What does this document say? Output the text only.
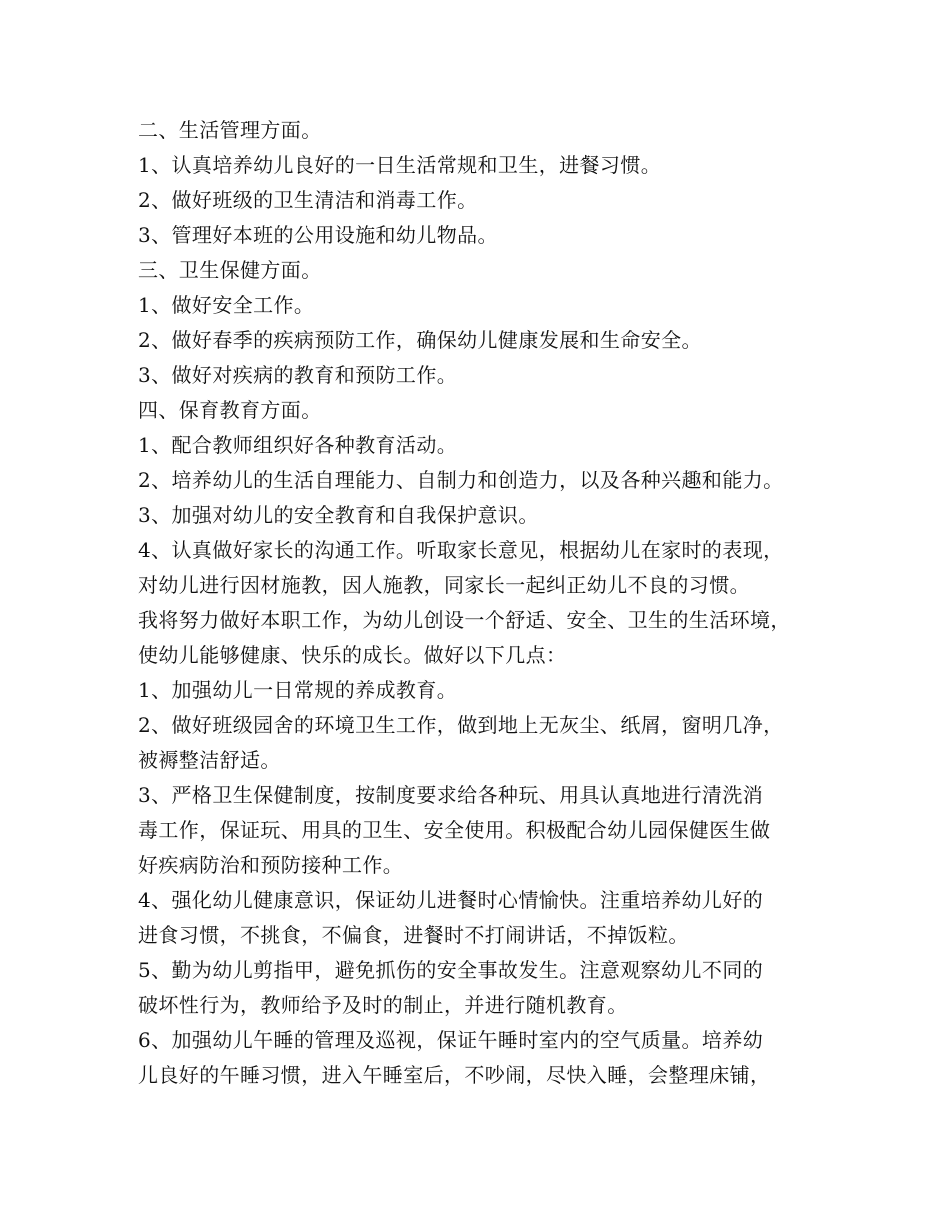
二、生活管理方面。
1、认真培养幼儿良好的一日生活常规和卫生，进餐习惯。
2、做好班级的卫生清洁和消毒工作。
3、管理好本班的公用设施和幼儿物品。
三、卫生保健方面。
1、做好安全工作。
2、做好春季的疾病预防工作，确保幼儿健康发展和生命安全。
3、做好对疾病的教育和预防工作。
四、保育教育方面。
1、配合教师组织好各种教育活动。
2、培养幼儿的生活自理能力、自制力和创造力，以及各种兴趣和能力。
3、加强对幼儿的安全教育和自我保护意识。
4、认真做好家长的沟通工作。听取家长意见，根据幼儿在家时的表现，
对幼儿进行因材施教，因人施教，同家长一起纠正幼儿不良的习惯。
我将努力做好本职工作，为幼儿创设一个舒适、安全、卫生的生活环境，
使幼儿能够健康、快乐的成长。做好以下几点：
1、加强幼儿一日常规的养成教育。
2、做好班级园舍的环境卫生工作，做到地上无灰尘、纸屑，窗明几净，
被褥整洁舒适。
3、严格卫生保健制度，按制度要求给各种玩、用具认真地进行清洗消
毒工作，保证玩、用具的卫生、安全使用。积极配合幼儿园保健医生做
好疾病防治和预防接种工作。
4、强化幼儿健康意识，保证幼儿进餐时心情愉快。注重培养幼儿好的
进食习惯，不挑食，不偏食，进餐时不打闹讲话，不掉饭粒。
5、勤为幼儿剪指甲，避免抓伤的安全事故发生。注意观察幼儿不同的
破坏性行为，教师给予及时的制止，并进行随机教育。
6、加强幼儿午睡的管理及巡视，保证午睡时室内的空气质量。培养幼
儿良好的午睡习惯，进入午睡室后，不吵闹，尽快入睡，会整理床铺，
